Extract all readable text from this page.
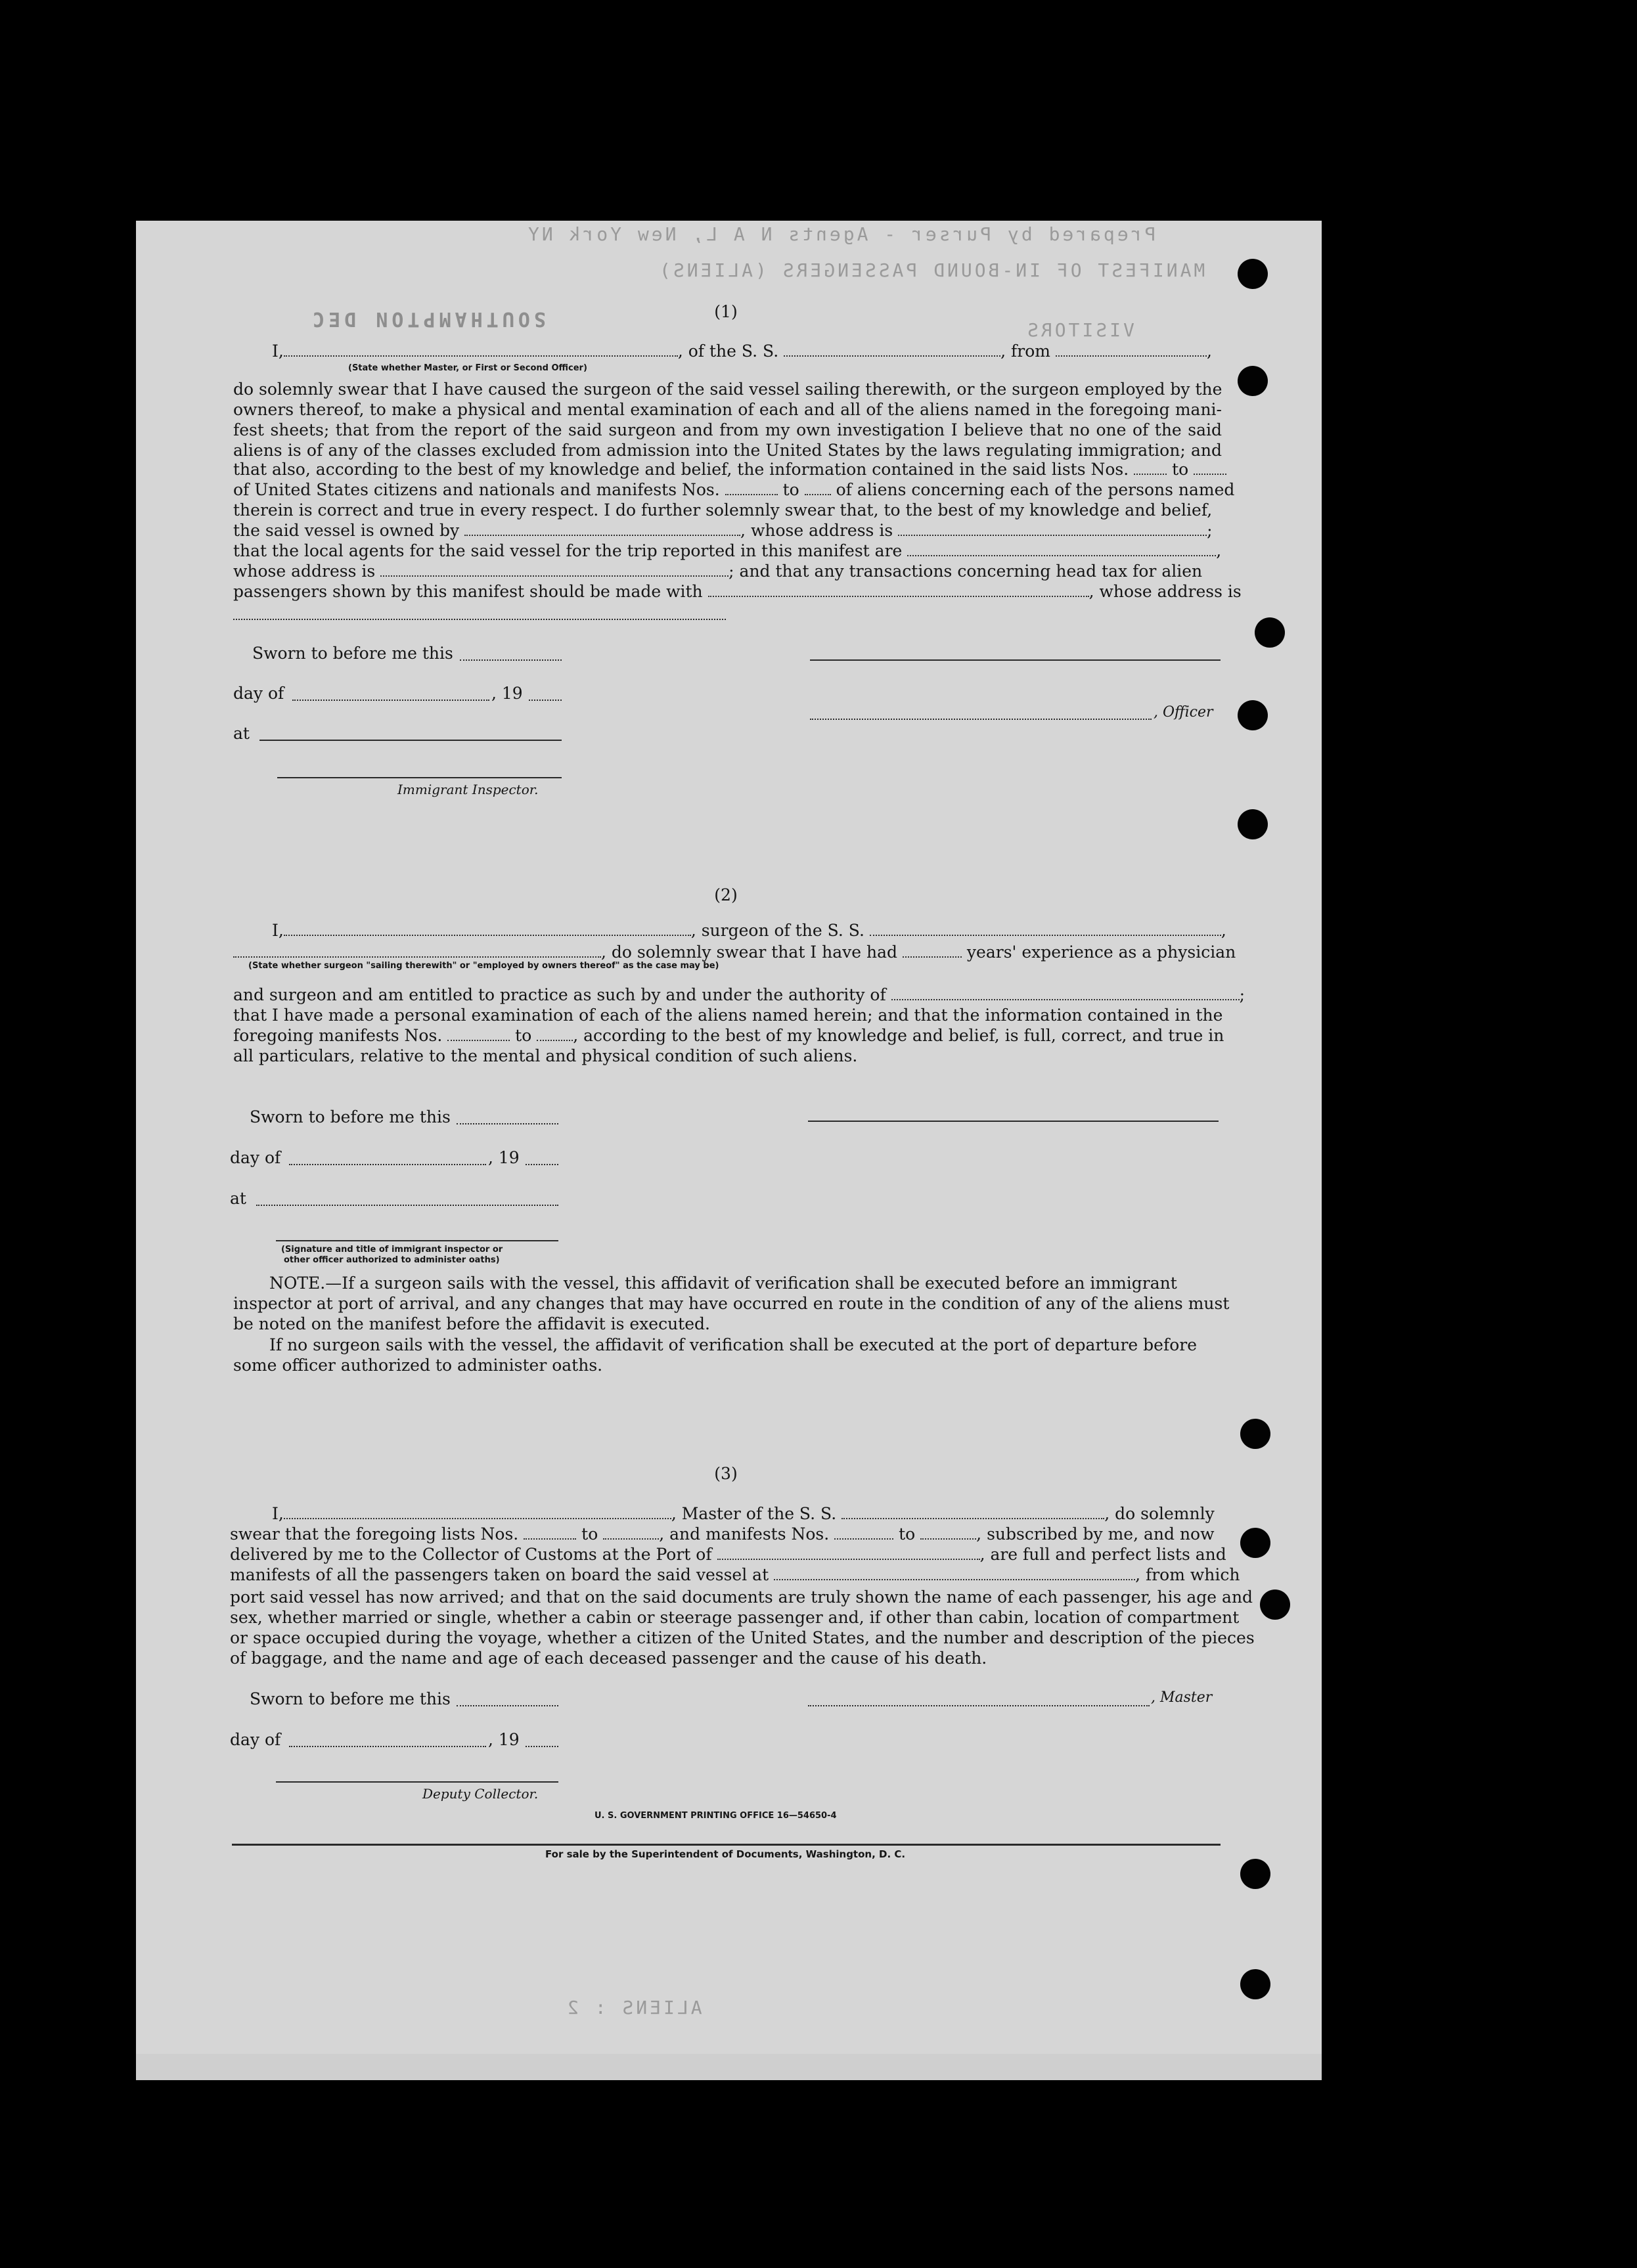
Prepared by Purser - Agents N A L, New York NY
MANIFEST OF IN-BOUND PASSENGERS (ALIENS)
SOUTHAMPTON DEC	VISITORS
ALIENS : 2
(1)
I,	, of the S. S.	, from	,
(State whether Master, or First or Second Officer)
do solemnly swear that I have caused the surgeon of the said vessel sailing therewith, or the surgeon employed by the
owners thereof, to make a physical and mental examination of each and all of the aliens named in the foregoing mani-
fest sheets; that from the report of the said surgeon and from my own investigation I believe that no one of the said
aliens is of any of the classes excluded from admission into the United States by the laws regulating immigration; and
that also, according to the best of my knowledge and belief, the information contained in the said lists Nos.	to
of United States citizens and nationals and manifests Nos.	to of aliens concerning each of the persons named
therein is correct and true in every respect. I do further solemnly swear that, to the best of my knowledge and belief,
the said vessel is owned by	, whose address is	;
that the local agents for the said vessel for the trip reported in this manifest are	,
whose address is	; and that any transactions concerning head tax for alien
passengers shown by this manifest should be made with	, whose address is
Sworn to before me this
day of	, 19
, Officer
at
Immigrant Inspector.
(2)
I,	, surgeon of the S. S.	,
, do solemnly swear that I have had	years' experience as a physician
(State whether surgeon "sailing therewith" or "employed by owners thereof" as the case may be)
and surgeon and am entitled to practice as such by and under the authority of	;
that I have made a personal examination of each of the aliens named herein; and that the information contained in the
foregoing manifests Nos.	to	, according to the best of my knowledge and belief, is full, correct, and true in
all particulars, relative to the mental and physical condition of such aliens.
Sworn to before me this
day of	, 19
at
(Signature and title of immigrant inspector or
other officer authorized to administer oaths)
NOTE.—If a surgeon sails with the vessel, this affidavit of verification shall be executed before an immigrant
inspector at port of arrival, and any changes that may have occurred en route in the condition of any of the aliens must
be noted on the manifest before the affidavit is executed.
If no surgeon sails with the vessel, the affidavit of verification shall be executed at the port of departure before
some officer authorized to administer oaths.
(3)
I,	, Master of the S. S.	, do solemnly
swear that the foregoing lists Nos.	to	, and manifests Nos.	to	, subscribed by me, and now
delivered by me to the Collector of Customs at the Port of	, are full and perfect lists and
manifests of all the passengers taken on board the said vessel at	, from which
port said vessel has now arrived; and that on the said documents are truly shown the name of each passenger, his age and
sex, whether married or single, whether a cabin or steerage passenger and, if other than cabin, location of compartment
or space occupied during the voyage, whether a citizen of the United States, and the number and description of the pieces
of baggage, and the name and age of each deceased passenger and the cause of his death.
Sworn to before me this	, Master
day of	, 19
Deputy Collector.
U. S. GOVERNMENT PRINTING OFFICE 16—54650-4
For sale by the Superintendent of Documents, Washington, D. C.
